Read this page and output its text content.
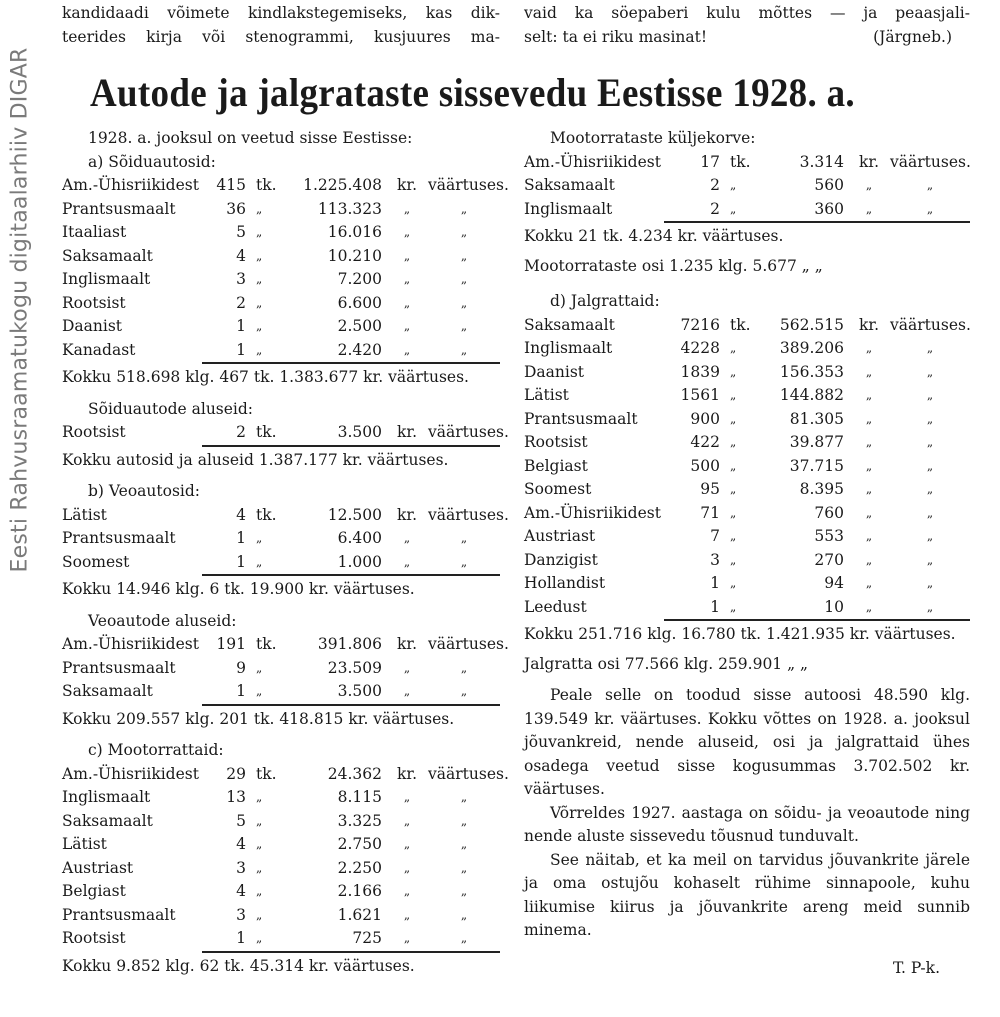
Eesti Rahvusraamatukogu digitaalarhiiv DIGAR

kandidaadi võimete kindlakstegemiseks, kas dik-

teerides kirja või stenogrammi, kusjuures ma-

vaid ka söepaberi kulu mõttes — ja peaasjali-

selt: ta ei riku masinat!	(Järgneb.)

Autode ja jalgrataste sissevedu Eestisse 1928. a.

1928. a. jooksul on veetud sisse Eestisse:

a) Sõiduautosid:
Am.-Ühisriikidest	415 tk.	1.225.408 kr. väärtuses.
Prantsusmaalt	36 „	113.323	„	„
Itaaliast	5 „	16.016	„	„
Saksamaalt	4 „	10.210	„	„
Inglismaalt	3 „	7.200	„	„
Rootsist	2 „	6.600	„	„
Daanist	1 „	2.500	„	„
Kanadast	1 „	2.420	„	„
Kokku 518.698 klg. 467 tk. 1.383.677 kr. väärtuses.
Sõiduautode aluseid:
Rootsist	2 tk.	3.500 kr. väärtuses.
Kokku autosid ja aluseid 1.387.177 kr. väärtuses.
b) Veoautosid:
Lätist	4 tk.	12.500 kr. väärtuses.
Prantsusmaalt	1 „	6.400	„	„
Soomest	1 „	1.000	„	„
Kokku 14.946 klg. 6 tk. 19.900 kr. väärtuses.
Veoautode aluseid:
Am.-Ühisriikidest	191 tk.	391.806 kr. väärtuses.
Prantsusmaalt	9 „	23.509	„	„
Saksamaalt	1 „	3.500	„	„
Kokku 209.557 klg. 201 tk. 418.815 kr. väärtuses.
c) Mootorrattaid:
Am.-Ühisriikidest	29 tk.	24.362 kr. väärtuses.
Inglismaalt	13 „	8.115	„	„
Saksamaalt	5 „	3.325	„	„
Lätist	4 „	2.750	„	„
Austriast	3 „	2.250	„	„
Belgiast	4 „	2.166	„	„
Prantsusmaalt	3 „	1.621	„	„
Rootsist	1 „	725	„	„
Kokku 9.852 klg. 62 tk. 45.314 kr. väärtuses.
Mootorrataste küljekorve:
Am.-Ühisriikidest	17 tk.	3.314 kr. väärtuses.
Saksamaalt	2 „	560	„	„
Inglismaalt	2 „	360	„	„
Kokku 21 tk. 4.234 kr. väärtuses.
Mootorrataste osi 1.235 klg. 5.677 „ „
d) Jalgrattaid:
Saksamaalt	7216 tk.	562.515 kr. väärtuses.
Inglismaalt	4228 „	389.206	„	„
Daanist	1839 „	156.353	„	„
Lätist	1561 „	144.882	„	„
Prantsusmaalt	900 „	81.305	„	„
Rootsist	422 „	39.877	„	„
Belgiast	500 „	37.715	„	„
Soomest	95 „	8.395	„	„
Am.-Ühisriikidest	71 „	760	„	„
Austriast	7 „	553	„	„
Danzigist	3 „	270	„	„
Hollandist	1 „	94	„	„
Leedust	1 „	10	„	„
Kokku 251.716 klg. 16.780 tk. 1.421.935 kr. väärtuses.
Jalgratta osi 77.566 klg. 259.901 „ „

Peale selle on toodud sisse autoosi 48.590 klg. 139.549 kr. väärtuses. Kokku võttes on 1928. a. jooksul jõuvankreid, nende aluseid, osi ja jalgrattaid ühes osadega veetud sisse kogusummas 3.702.502 kr. väärtuses.

Võrreldes 1927. aastaga on sõidu- ja veoautode ning nende aluste sissevedu tõusnud tunduvalt.

See näitab, et ka meil on tarvidus jõuvankrite järele ja oma ostujõu kohaselt rühime sinnapoole, kuhu liikumise kiirus ja jõuvankrite areng meid sunnib minema.

T. P-k.
